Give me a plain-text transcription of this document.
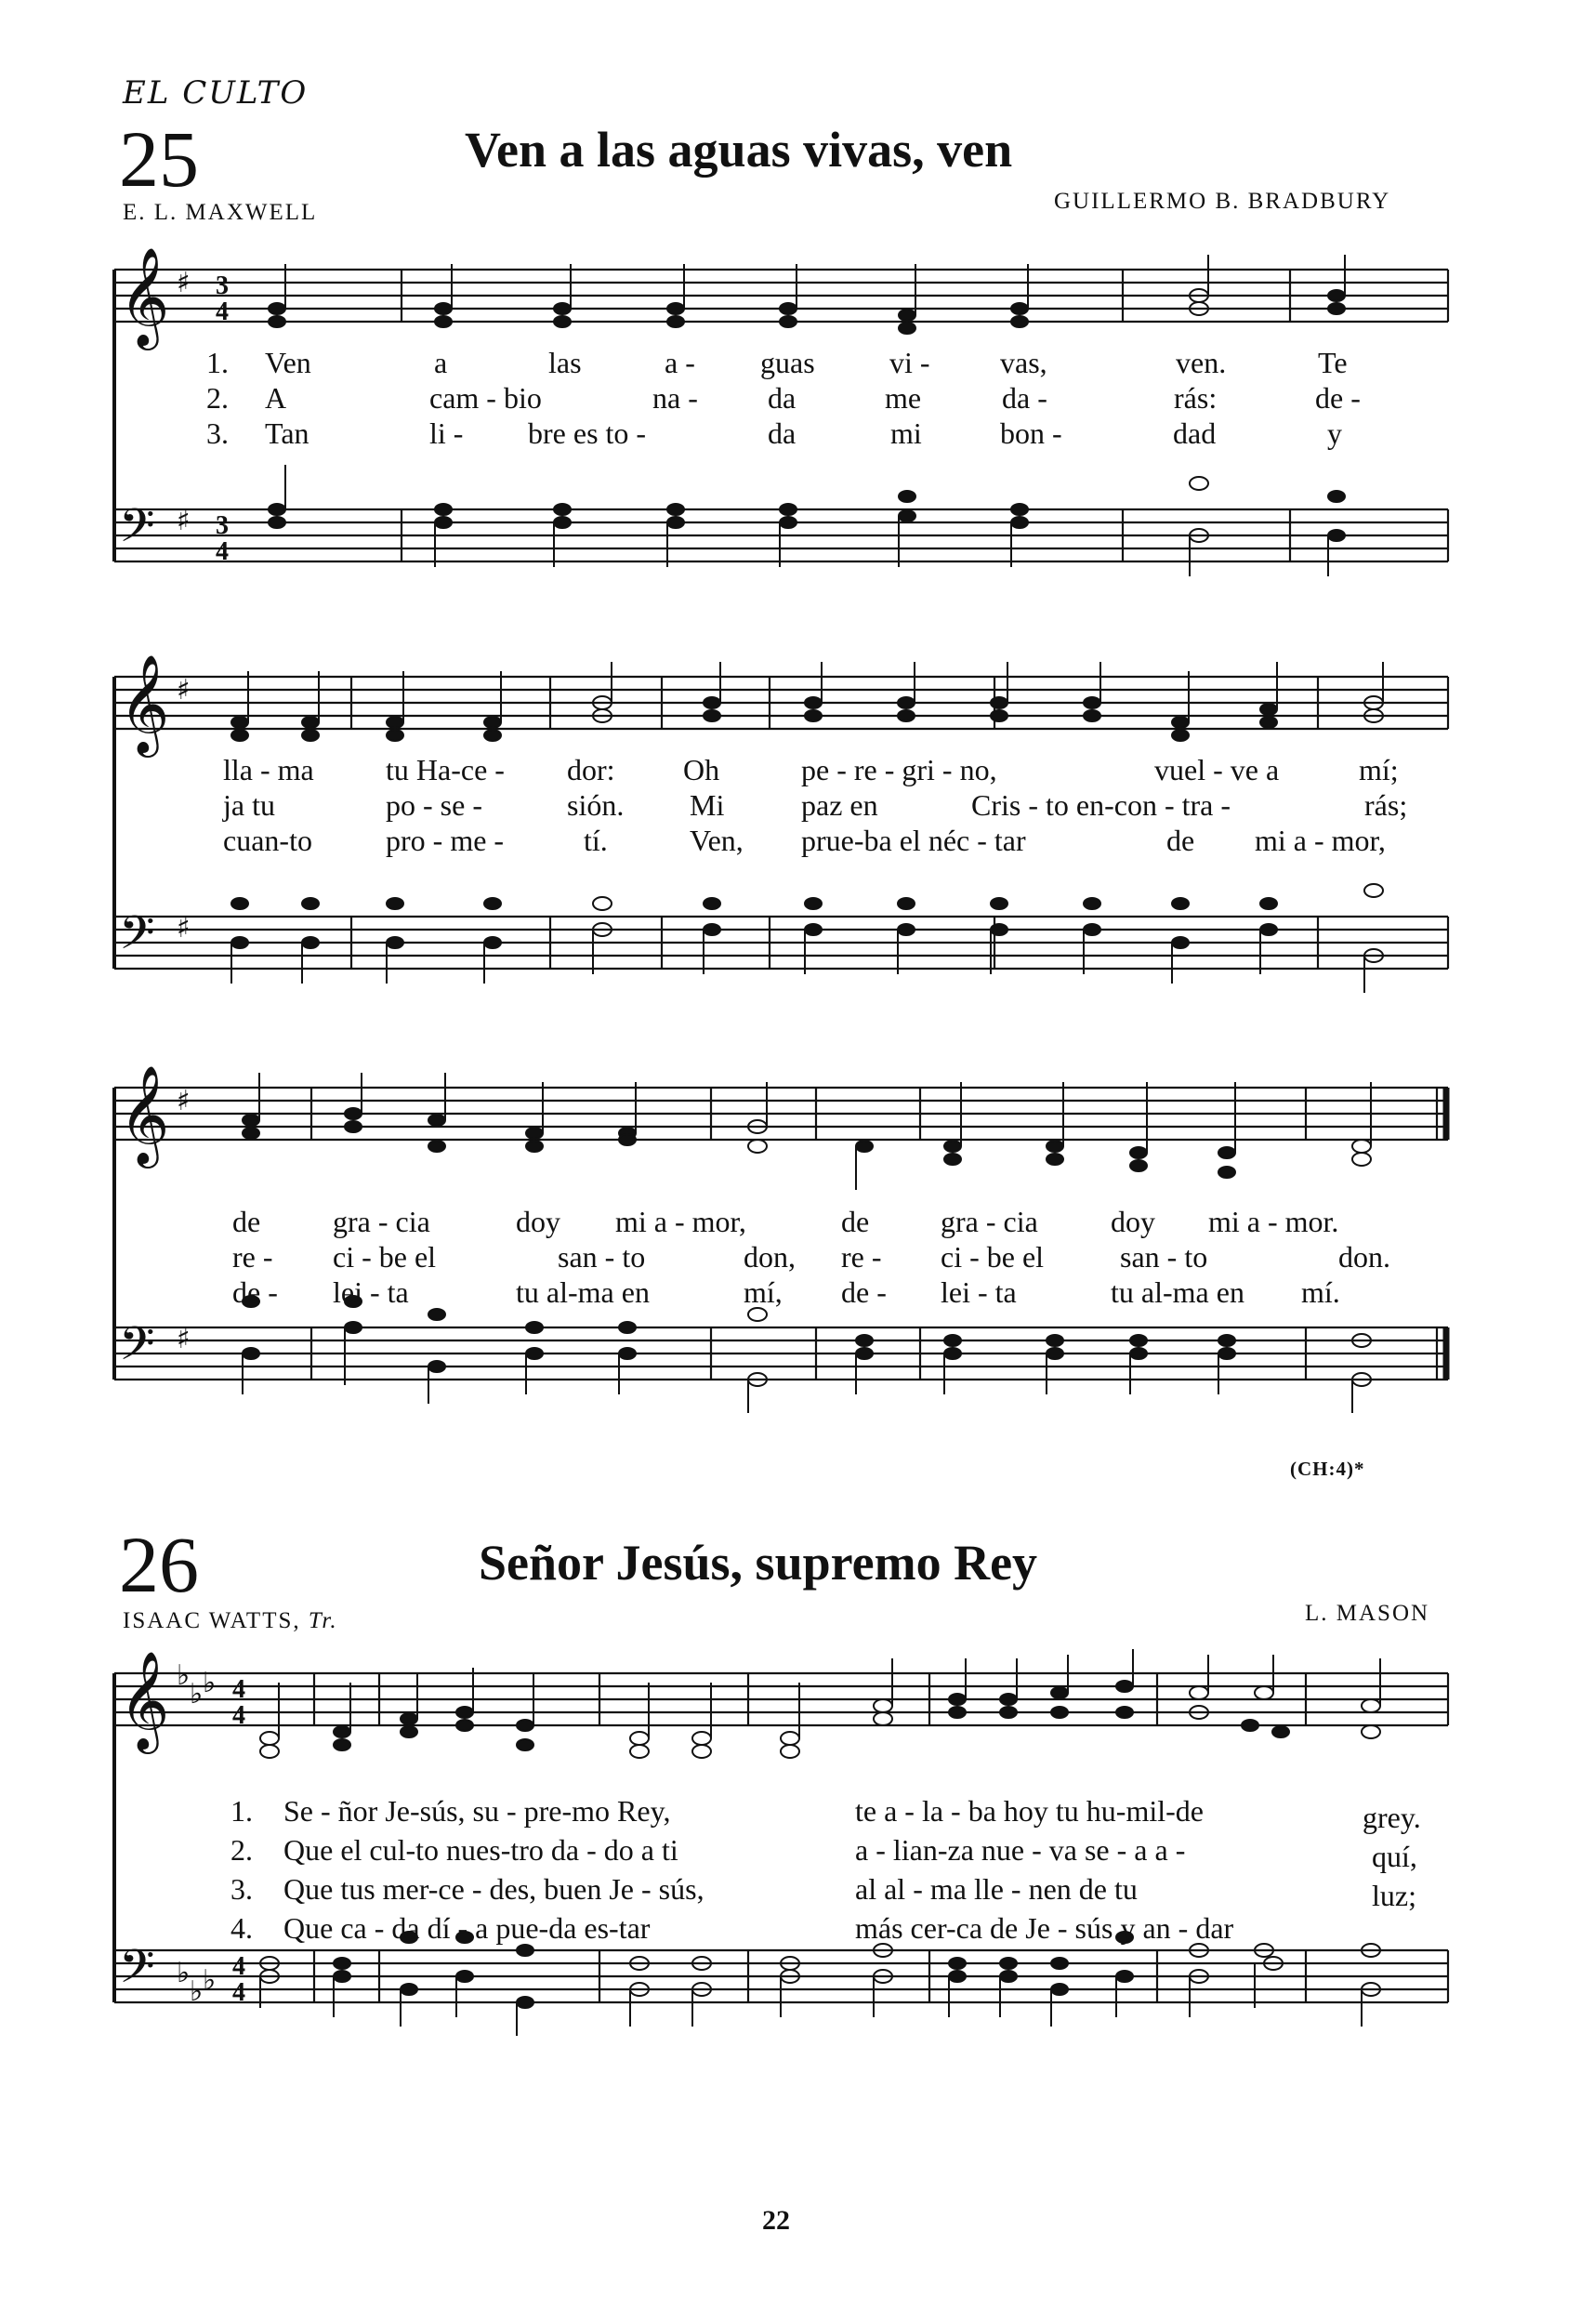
EL CULTO
25	Ven a las aguas vivas, ven
E. L. MAXWELL	GUILLERMO B. BRADBURY
𝄞
𝄢
♯
♯
3
4
3
4
1.
2.
3.
Ven	a	las	a - guas	vi - vas,	ven.	Te
A	cam - bio	na - da	me	da -	rás:	de -
Tan	li - bre es to -	da	mi	bon -	dad	y
𝄞
𝄢
♯
♯
lla - ma tu Ha-ce - dor: Oh	pe - re - gri - no,	vuel - ve a	mí;
ja tu	po - se -	sión. Mi	paz en	Cris - to en-con - tra -	rás;
cuan-to pro - me -	tí.	Ven, prue-ba el néc - tar	de mi a - mor,
𝄞
𝄢
♯
♯
de gra - cia	doy mi a - mor,	de gra - cia doy mi a - mor.
re - ci - be el	san - to	don, re - ci - be el	san - to	don.
de - lei - ta	tu al-ma en	mí, de - lei - ta	tu al-ma en mí.
(CH:4)*
26	Señor Jesús, supremo Rey
ISAAC WATTS, Tr.	L. MASON
𝄞
𝄢
♭
♭ ♭
♭
♭ ♭
4
4
4
4
1.
2.
3.
4.
Se - ñor Je-sús, su - pre-mo Rey,	te a - la - ba hoy tu hu-mil-de	grey.
Que el cul-to nues-tro da - do a ti	a - lian-za nue - va se - a a -	quí,
Que tus mer-ce - des, buen Je - sús,	al al - ma lle - nen de tu	luz;
Que ca - da dí - a pue-da es-tar	más cer-ca de Je - sús y an - dar
22
